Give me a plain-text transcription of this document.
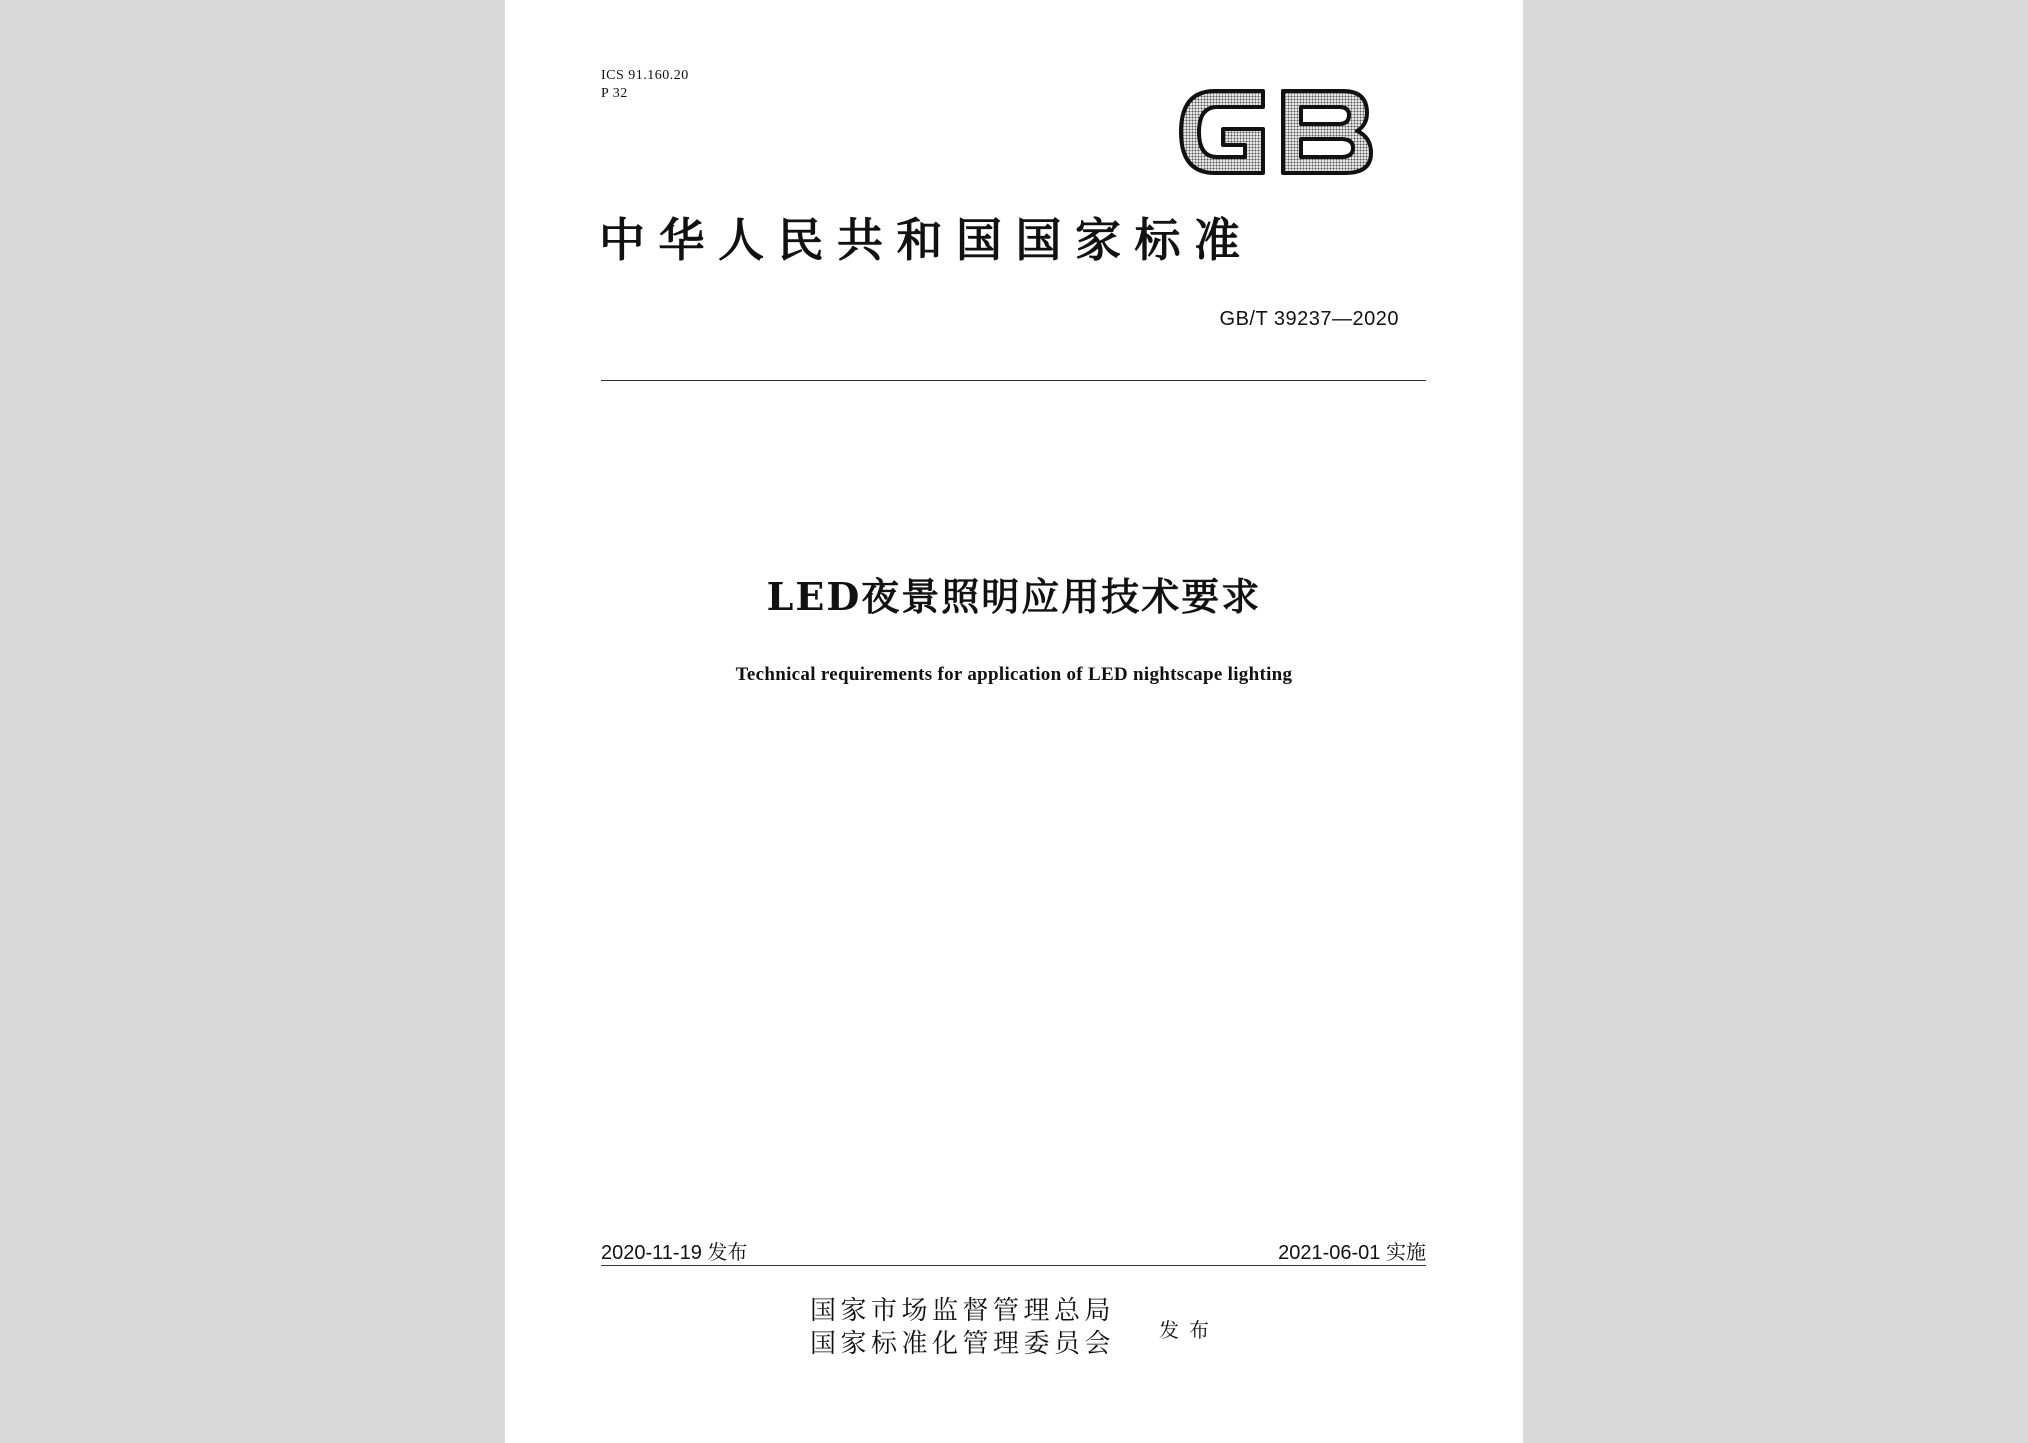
ICS 91.160.20
P 32
中华人民共和国国家标准
GB/T 39237—2020
LED夜景照明应用技术要求
Technical requirements for application of LED nightscape lighting
2020-11-19 发布	2021-06-01 实施
国家市场监督管理总局
国家标准化管理委员会 发布
